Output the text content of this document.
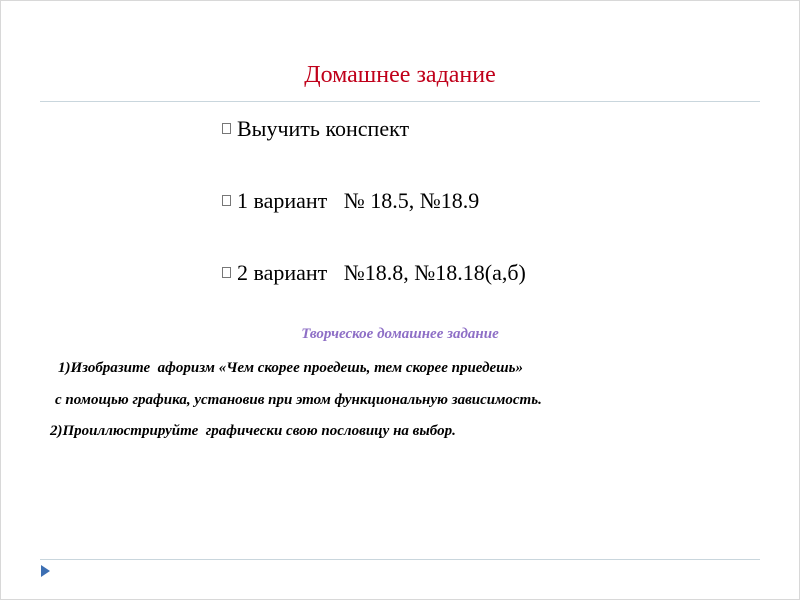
Домашнее задание
Выучить конспект
1 вариант   № 18.5, №18.9
2 вариант   №18.8, №18.18(а,б)
Творческое домашнее задание
1)Изобразите  афоризм «Чем скорее проедешь, тем скорее приедешь»
с помощью графика, установив при этом функциональную зависимость.
2)Проиллюстрируйте  графически свою пословицу на выбор.
